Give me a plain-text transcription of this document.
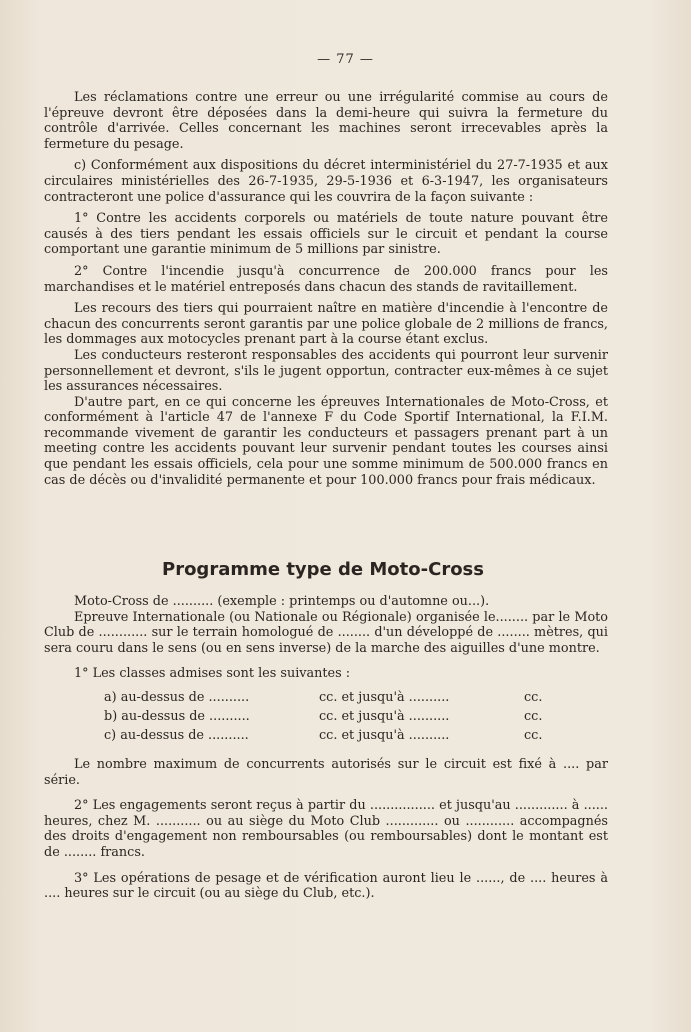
— 77 —

Les réclamations contre une erreur ou une irrégularité commise au cours de l'épreuve devront être déposées dans la demi-heure qui suivra la fermeture du contrôle d'arrivée. Celles concernant les machines seront irrecevables après la fermeture du pesage.

c) Conformément aux dispositions du décret interministériel du 27-7-1935 et aux circulaires ministérielles des 26-7-1935, 29-5-1936 et 6-3-1947, les organisateurs contracteront une police d'assurance qui les couvrira de la façon suivante :

1° Contre les accidents corporels ou matériels de toute nature pouvant être causés à des tiers pendant les essais officiels sur le circuit et pendant la course comportant une garantie minimum de 5 millions par sinistre.

2° Contre l'incendie jusqu'à concurrence de 200.000 francs pour les marchandises et le matériel entreposés dans chacun des stands de ravitaillement.

Les recours des tiers qui pourraient naître en matière d'incendie à l'encontre de chacun des concurrents seront garantis par une police globale de 2 millions de francs, les dommages aux motocycles prenant part à la course étant exclus.

Les conducteurs resteront responsables des accidents qui pourront leur survenir personnellement et devront, s'ils le jugent opportun, contracter eux-mêmes à ce sujet les assurances nécessaires.

D'autre part, en ce qui concerne les épreuves Internationales de Moto-Cross, et conformément à l'article 47 de l'annexe F du Code Sportif International, la F.I.M. recommande vivement de garantir les conducteurs et passagers prenant part à un meeting contre les accidents pouvant leur survenir pendant toutes les courses ainsi que pendant les essais officiels, cela pour une somme minimum de 500.000 francs en cas de décès ou d'invalidité permanente et pour 100.000 francs pour frais médicaux.

Programme type de Moto-Cross

Moto-Cross de .......... (exemple : printemps ou d'automne ou...).

Epreuve Internationale (ou Nationale ou Régionale) organisée le........ par le Moto Club de ............ sur le terrain homologué de ........ d'un développé de ........ mètres, qui sera couru dans le sens (ou en sens inverse) de la marche des aiguilles d'une montre.

1° Les classes admises sont les suivantes :

a) au-dessus de ..........	cc. et jusqu'à ..........	cc.
b) au-dessus de ..........	cc. et jusqu'à ..........	cc.
c) au-dessus de ..........	cc. et jusqu'à ..........	cc.

Le nombre maximum de concurrents autorisés sur le circuit est fixé à .... par série.

2° Les engagements seront reçus à partir du ................ et jusqu'au ............. à ...... heures, chez M. ........... ou au siège du Moto Club ............. ou ............ accompagnés des droits d'engagement non remboursables (ou remboursables) dont le montant est de ........ francs.

3° Les opérations de pesage et de vérification auront lieu le ......, de .... heures à .... heures sur le circuit (ou au siège du Club, etc.).
